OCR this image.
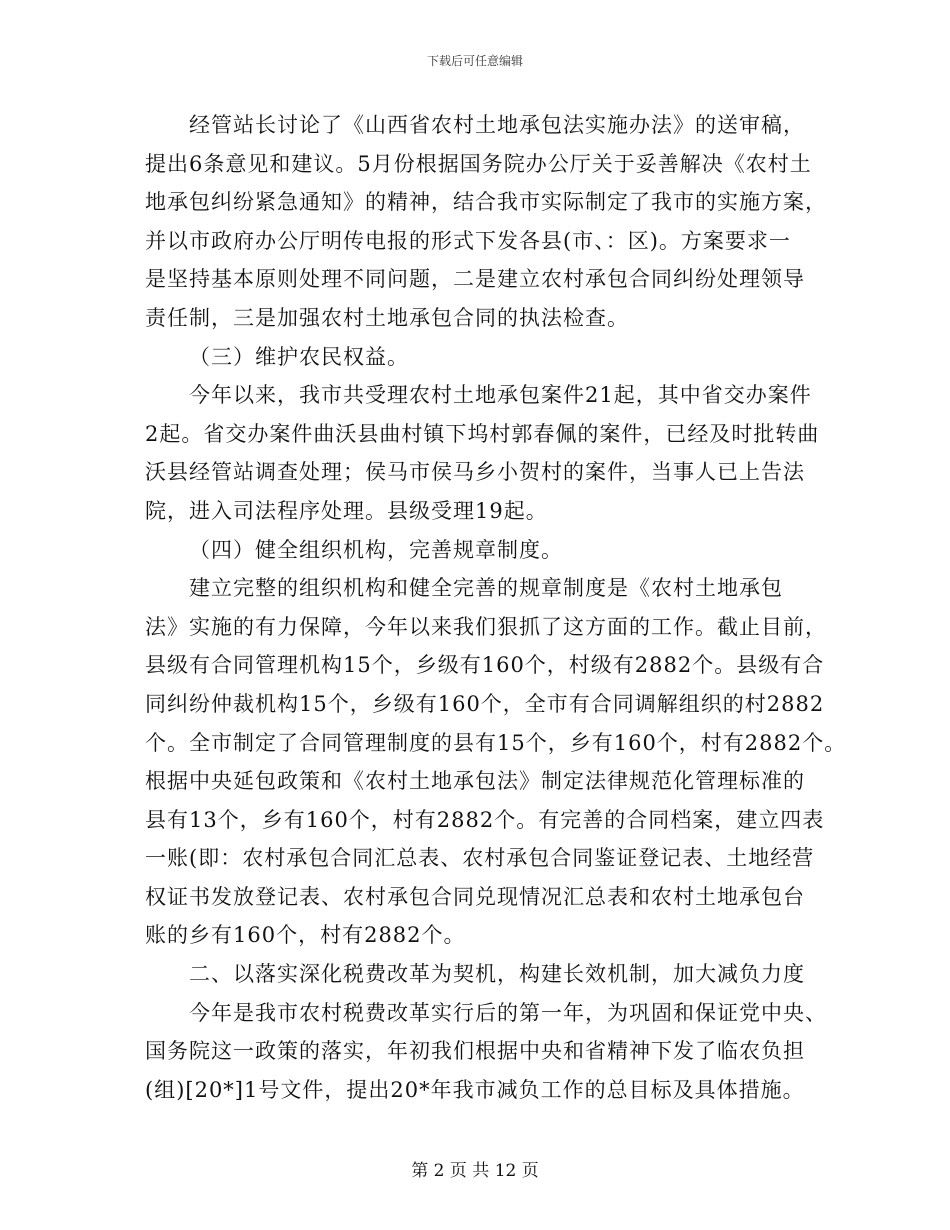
下载后可任意编辑
经管站长讨论了《山西省农村土地承包法实施办法》的送审稿，
提出6条意见和建议。5月份根据国务院办公厅关于妥善解决《农村土
地承包纠纷紧急通知》的精神，结合我市实际制定了我市的实施方案，
并以市政府办公厅明传电报的形式下发各县(市、：区)。方案要求一
是坚持基本原则处理不同问题，二是建立农村承包合同纠纷处理领导
责任制，三是加强农村土地承包合同的执法检查。
（三）维护农民权益。
今年以来，我市共受理农村土地承包案件21起，其中省交办案件
2起。省交办案件曲沃县曲村镇下坞村郭春佩的案件，已经及时批转曲
沃县经管站调查处理；侯马市侯马乡小贺村的案件，当事人已上告法
院，进入司法程序处理。县级受理19起。
（四）健全组织机构，完善规章制度。
建立完整的组织机构和健全完善的规章制度是《农村土地承包
法》实施的有力保障，今年以来我们狠抓了这方面的工作。截止目前，
县级有合同管理机构15个，乡级有160个，村级有2882个。县级有合
同纠纷仲裁机构15个，乡级有160个，全市有合同调解组织的村2882
个。全市制定了合同管理制度的县有15个，乡有160个，村有2882个。
根据中央延包政策和《农村土地承包法》制定法律规范化管理标准的
县有13个，乡有160个，村有2882个。有完善的合同档案，建立四表
一账(即：农村承包合同汇总表、农村承包合同鉴证登记表、土地经营
权证书发放登记表、农村承包合同兑现情况汇总表和农村土地承包台
账的乡有160个，村有2882个。
二、以落实深化税费改革为契机，构建长效机制，加大减负力度
今年是我市农村税费改革实行后的第一年，为巩固和保证党中央、
国务院这一政策的落实，年初我们根据中央和省精神下发了临农负担
(组)[20*]1号文件，提出20*年我市减负工作的总目标及具体措施。
第 2 页 共 12 页
